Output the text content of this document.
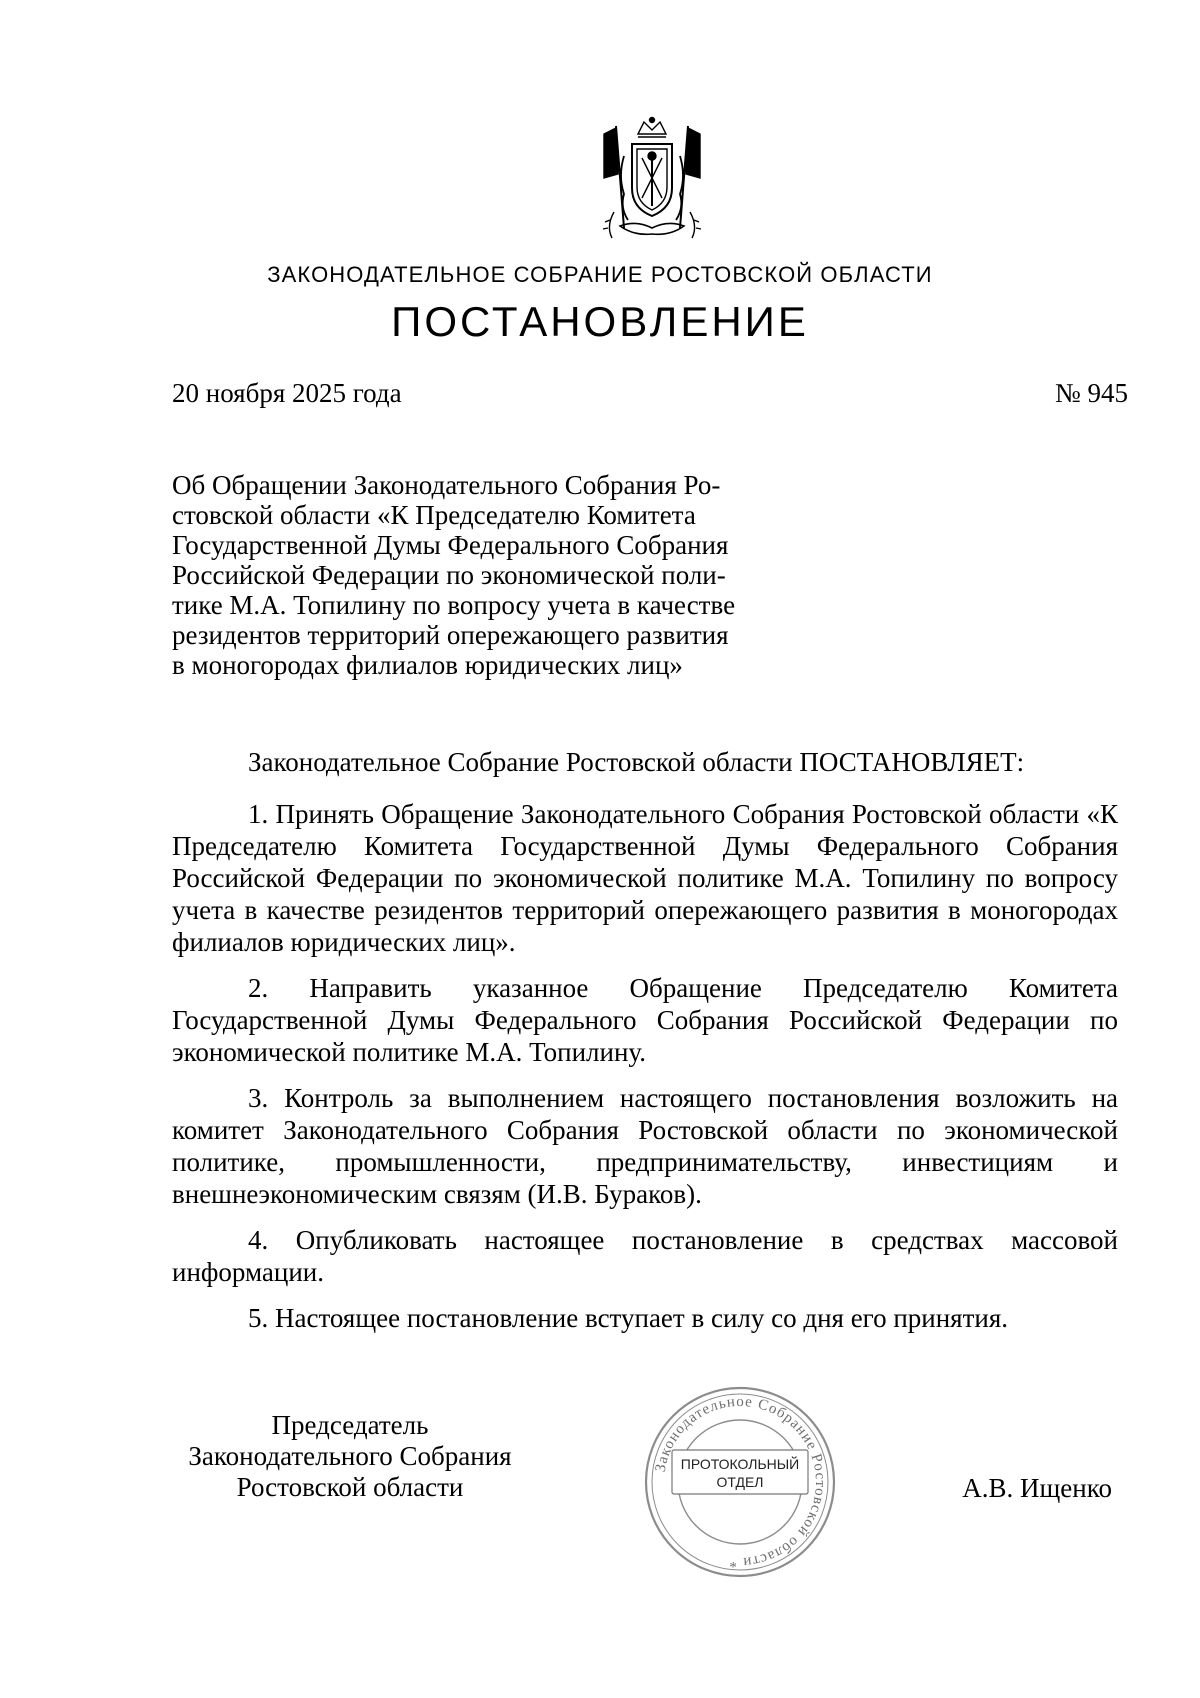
ЗАКОНОДАТЕЛЬНОЕ СОБРАНИЕ РОСТОВСКОЙ ОБЛАСТИ
ПОСТАНОВЛЕНИЕ
20 ноября 2025 года	№ 945
Об Обращении Законодательного Собрания Ро-
стовской области «К Председателю Комитета
Государственной Думы Федерального Собрания
Российской Федерации по экономической поли-
тике М.А. Топилину по вопросу учета в качестве
резидентов территорий опережающего развития
в моногородах филиалов юридических лиц»

Законодательное Собрание Ростовской области ПОСТАНОВЛЯЕТ:

1. Принять Обращение Законодательного Собрания Ростовской области «К Председателю Комитета Государственной Думы Федерального Собрания Российской Федерации по экономической политике М.А. Топилину по вопросу учета в качестве резидентов территорий опережающего развития в моногородах филиалов юридических лиц».

2. Направить указанное Обращение Председателю Комитета Государственной Думы Федерального Собрания Российской Федерации по экономической политике М.А. Топилину.

3. Контроль за выполнением настоящего постановления возложить на комитет Законодательного Собрания Ростовской области по экономической политике, промышленности, предпринимательству, инвестициям и внешнеэкономическим связям (И.В. Бураков).

4. Опубликовать настоящее постановление в средствах массовой информации.

5. Настоящее постановление вступает в силу со дня его принятия.

Председатель
Законодательного Собрания
Ростовской области
Законодательное Собрание Ростовской области *
ПРОТОКОЛЬНЫЙ
ОТДЕЛ	А.В. Ищенко
